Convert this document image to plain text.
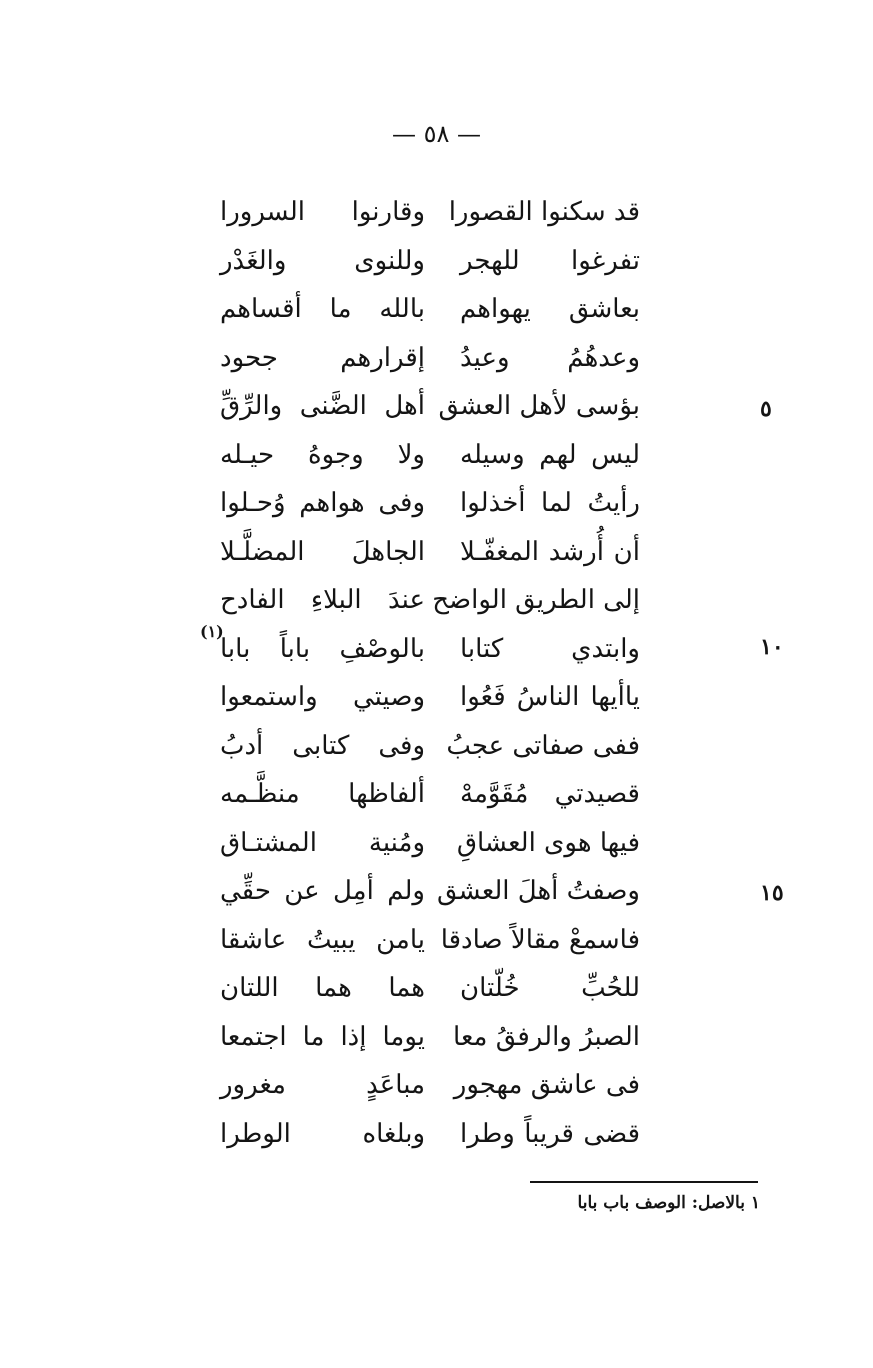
— ٥٨ —
قد سكنوا القصورا
وقارنوا السرورا
تفرغوا للهجر
وللنوى والغَدْر
بعاشق يهواهم
بالله ما أقساهم
وعدهُمُ وعيدُ
إقرارهم جحود
بؤسى لأهل العشق
أهل الضَّنى والرِّقِّ
ليس لهم وسيله
ولا وجوهُ حيـله
رأيتُ لما أخذلوا
وفى هواهم وُحـلوا
أن أُرشد المغفّـلا
الجاهلَ المضلَّـلا
إلى الطريق الواضح
عندَ البلاءِ الفادح
وابتدي كتابا
بالوصْفِ باباً بابا
ياأيها الناسُ فَعُوا
وصيتي واستمعوا
ففى صفاتى عجبُ
وفى كتابى أدبُ
قصيدتي مُقَوَّمهْ
ألفاظها منظَّـمه
فيها هوى العشاقِ
ومُنية المشتـاق
وصفتُ أهلَ العشق
ولم أمِل عن حقِّي
فاسمعْ مقالاً صادقا
يامن يبيتُ عاشقا
للحُبِّ خُلّتان
هما هما اللتان
الصبرُ والرفقُ معا
يوما إذا ما اجتمعا
فى عاشق مهجور
مباعَدٍ مغرور
قضى قريباً وطرا
وبلغاه الوطرا
(١)
٥
١٠
١٥
١ بالاصل: الوصف باب بابا
